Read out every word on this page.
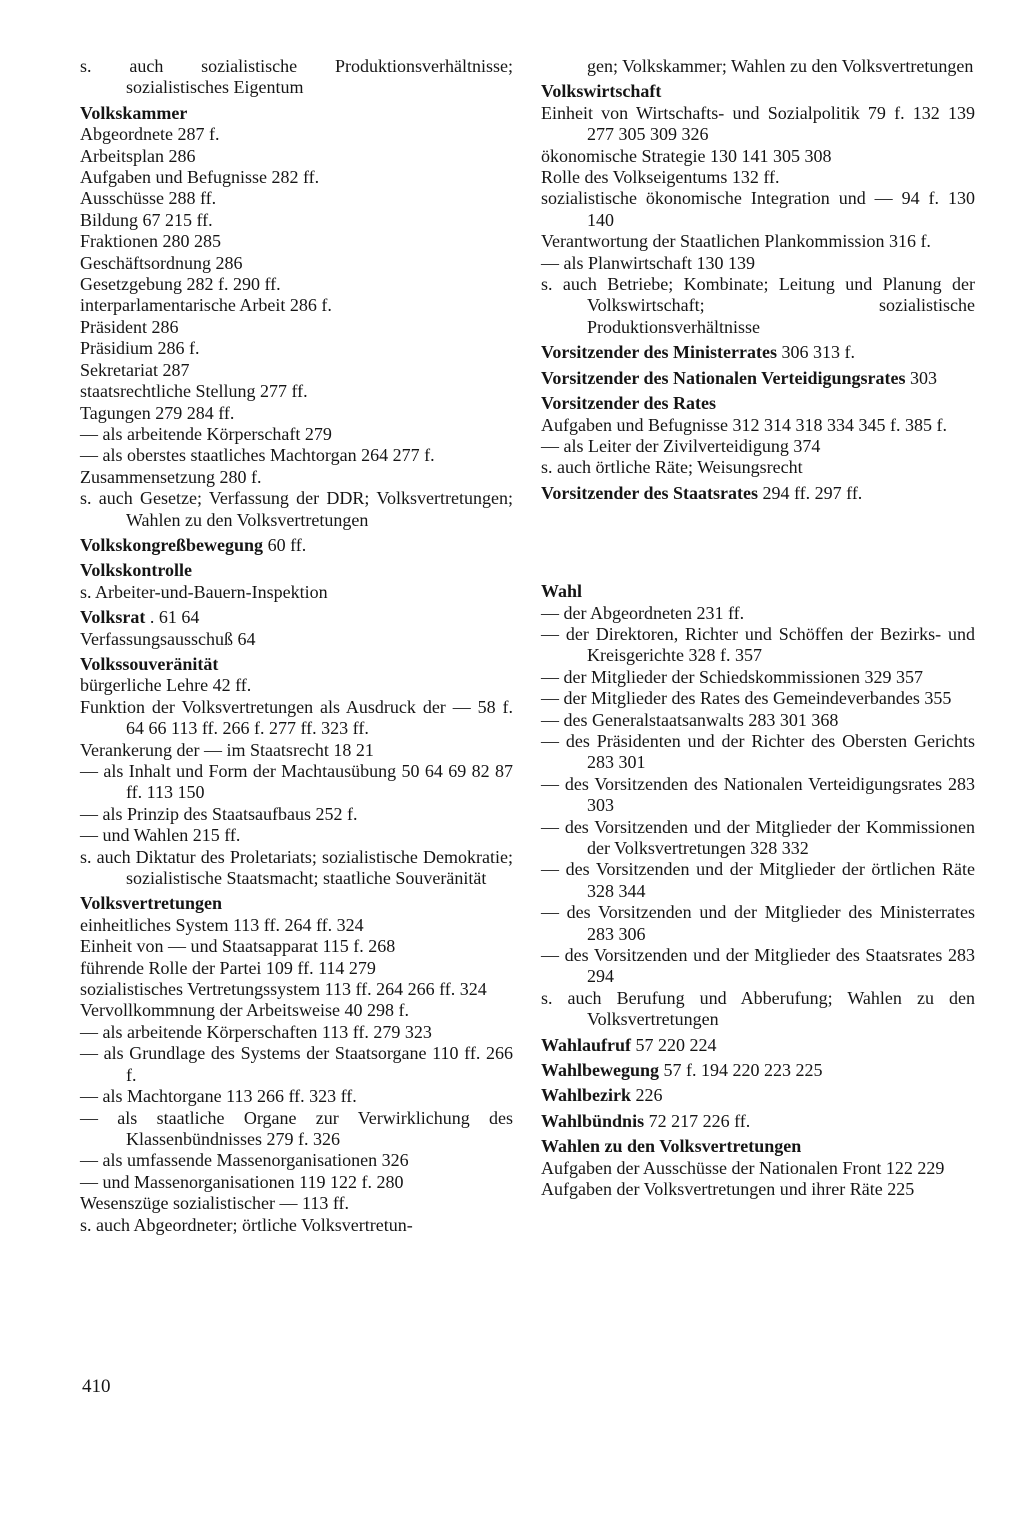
s. auch sozialistische Produktionsverhältnisse; sozialistisches Eigentum
Volkskammer
Abgeordnete 287 f.
Arbeitsplan 286
Aufgaben und Befugnisse 282 ff.
Ausschüsse 288 ff.
Bildung 67 215 ff.
Fraktionen 280 285
Geschäftsordnung 286
Gesetzgebung 282 f. 290 ff.
interparlamentarische Arbeit 286 f.
Präsident 286
Präsidium 286 f.
Sekretariat 287
staatsrechtliche Stellung 277 ff.
Tagungen 279 284 ff.
— als arbeitende Körperschaft 279
— als oberstes staatliches Machtorgan 264 277 f.
Zusammensetzung 280 f.
s. auch Gesetze; Verfassung der DDR; Volksvertretungen; Wahlen zu den Volksvertretungen
Volkskongreßbewegung 60 ff.
Volkskontrolle
s. Arbeiter-und-Bauern-Inspektion
Volksrat . 61 64
Verfassungsausschuß 64
Volkssouveränität
bürgerliche Lehre 42 ff.
Funktion der Volksvertretungen als Ausdruck der — 58 f. 64 66 113 ff. 266 f. 277 ff. 323 ff.
Verankerung der — im Staatsrecht 18 21
— als Inhalt und Form der Machtausübung 50 64 69 82 87 ff. 113 150
— als Prinzip des Staatsaufbaus 252 f.
— und Wahlen 215 ff.
s. auch Diktatur des Proletariats; sozialistische Demokratie; sozialistische Staatsmacht; staatliche Souveränität
Volksvertretungen
einheitliches System 113 ff. 264 ff. 324
Einheit von — und Staatsapparat 115 f. 268
führende Rolle der Partei 109 ff. 114 279
sozialistisches Vertretungssystem 113 ff. 264 266 ff. 324
Vervollkommnung der Arbeitsweise 40 298 f.
— als arbeitende Körperschaften 113 ff. 279 323
— als Grundlage des Systems der Staatsorgane 110 ff. 266 f.
— als Machtorgane 113 266 ff. 323 ff.
— als staatliche Organe zur Verwirklichung des Klassenbündnisses 279 f. 326
— als umfassende Massenorganisationen 326
— und Massenorganisationen 119 122 f. 280
Wesenszüge sozialistischer — 113 ff.
s. auch Abgeordneter; örtliche Volksvertretun-
gen; Volkskammer; Wahlen zu den Volksvertretungen
Volkswirtschaft
Einheit von Wirtschafts- und Sozialpolitik 79 f. 132 139 277 305 309 326
ökonomische Strategie 130 141 305 308
Rolle des Volkseigentums 132 ff.
sozialistische ökonomische Integration und — 94 f. 130 140
Verantwortung der Staatlichen Plankommission 316 f.
— als Planwirtschaft 130 139
s. auch Betriebe; Kombinate; Leitung und Planung der Volkswirtschaft; sozialistische Produktionsverhältnisse
Vorsitzender des Ministerrates 306 313 f.
Vorsitzender des Nationalen Verteidigungsrates 303
Vorsitzender des Rates
Aufgaben und Befugnisse 312 314 318 334 345 f. 385 f.
— als Leiter der Zivilverteidigung 374
s. auch örtliche Räte; Weisungsrecht
Vorsitzender des Staatsrates 294 ff. 297 ff.
Wahl
— der Abgeordneten 231 ff.
— der Direktoren, Richter und Schöffen der Bezirks- und Kreisgerichte 328 f. 357
— der Mitglieder der Schiedskommissionen 329 357
— der Mitglieder des Rates des Gemeindeverbandes 355
— des Generalstaatsanwalts 283 301 368
— des Präsidenten und der Richter des Obersten Gerichts 283 301
— des Vorsitzenden des Nationalen Verteidigungsrates 283 303
— des Vorsitzenden und der Mitglieder der Kommissionen der Volksvertretungen 328 332
— des Vorsitzenden und der Mitglieder der örtlichen Räte 328 344
— des Vorsitzenden und der Mitglieder des Ministerrates 283 306
— des Vorsitzenden und der Mitglieder des Staatsrates 283 294
s. auch Berufung und Abberufung; Wahlen zu den Volksvertretungen
Wahlaufruf 57 220 224
Wahlbewegung 57 f. 194 220 223 225
Wahlbezirk 226
Wahlbündnis 72 217 226 ff.
Wahlen zu den Volksvertretungen
Aufgaben der Ausschüsse der Nationalen Front 122 229
Aufgaben der Volksvertretungen und ihrer Räte 225
410
